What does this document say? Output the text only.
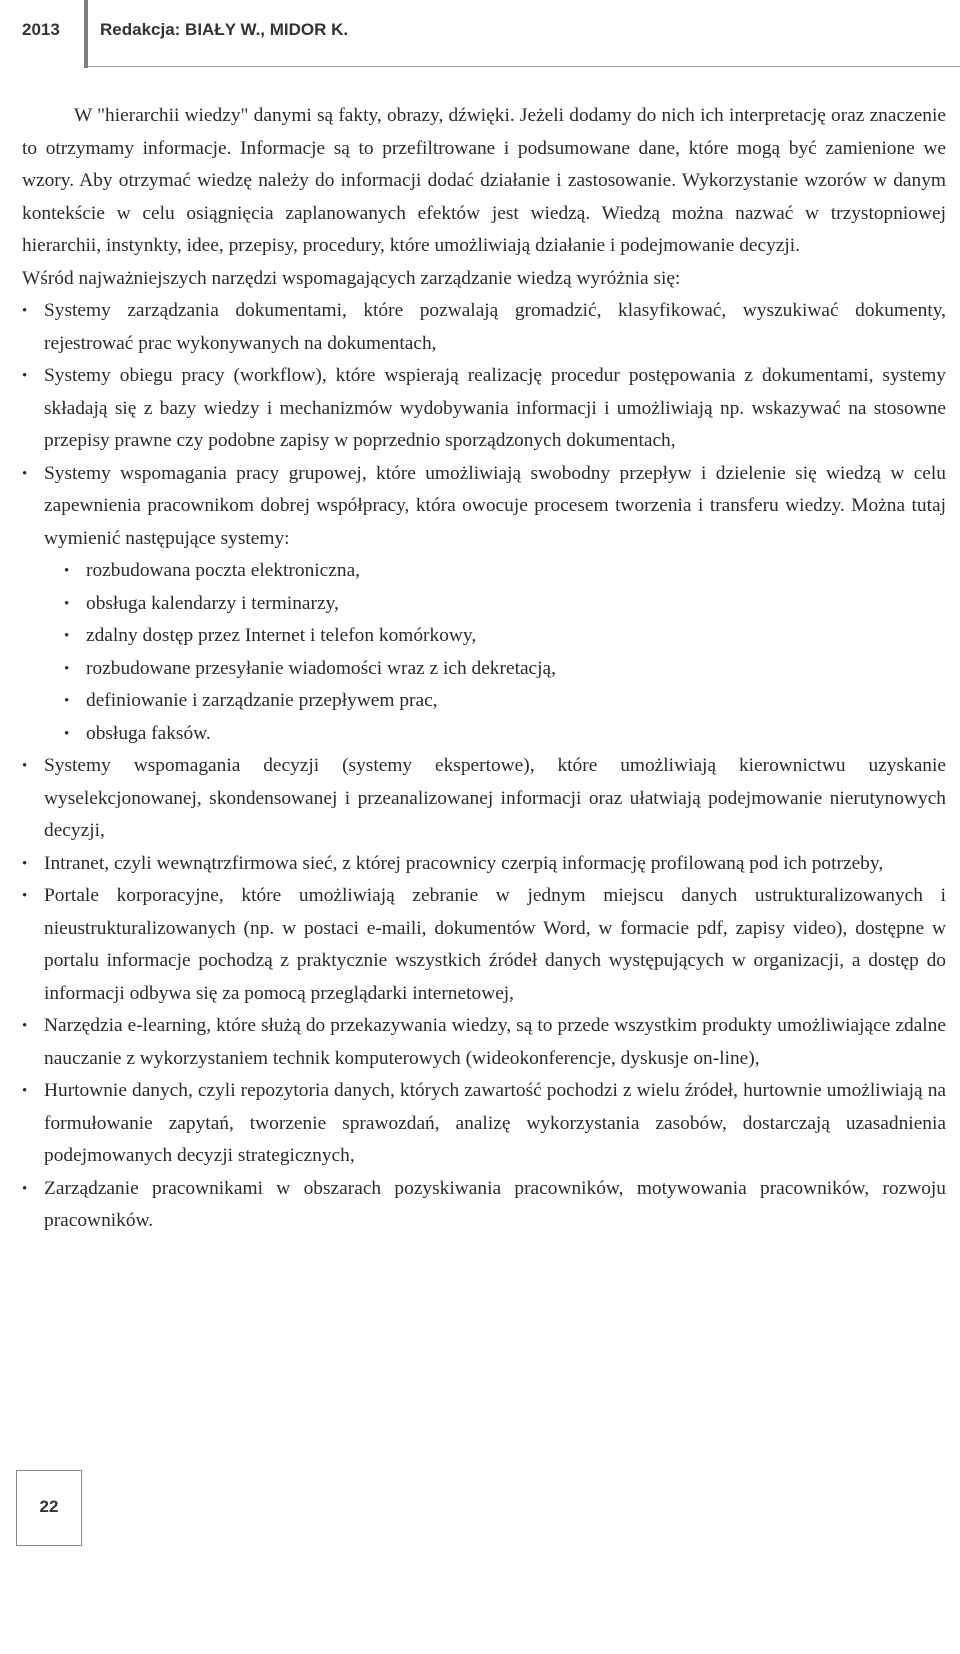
2013 Redakcja: BIAŁY W., MIDOR K.

W "hierarchii wiedzy" danymi są fakty, obrazy, dźwięki. Jeżeli dodamy do nich ich interpretację oraz znaczenie to otrzymamy informacje. Informacje są to przefiltrowane i podsumowane dane, które mogą być zamienione we wzory. Aby otrzymać wiedzę należy do informacji dodać działanie i zastosowanie. Wykorzystanie wzorów w danym kontekście w celu osiągnięcia zaplanowanych efektów jest wiedzą. Wiedzą można nazwać w trzystopniowej hierarchii, instynkty, idee, przepisy, procedury, które umożliwiają działanie i podejmowanie decyzji.

Wśród najważniejszych narzędzi wspomagających zarządzanie wiedzą wyróżnia się:

• Systemy zarządzania dokumentami, które pozwalają gromadzić, klasyfikować, wyszukiwać dokumenty, rejestrować prac wykonywanych na dokumentach,
• Systemy obiegu pracy (workflow), które wspierają realizację procedur postępowania z dokumentami, systemy składają się z bazy wiedzy i mechanizmów wydobywania informacji i umożliwiają np. wskazywać na stosowne przepisy prawne czy podobne zapisy w poprzednio sporządzonych dokumentach,
• Systemy wspomagania pracy grupowej, które umożliwiają swobodny przepływ i dzielenie się wiedzą w celu zapewnienia pracownikom dobrej współpracy, która owocuje procesem tworzenia i transferu wiedzy. Można tutaj wymienić następujące systemy:
• rozbudowana poczta elektroniczna,
• obsługa kalendarzy i terminarzy,
• zdalny dostęp przez Internet i telefon komórkowy,
• rozbudowane przesyłanie wiadomości wraz z ich dekretacją,
• definiowanie i zarządzanie przepływem prac,
• obsługa faksów.
• Systemy wspomagania decyzji (systemy ekspertowe), które umożliwiają kierownictwu uzyskanie wyselekcjonowanej, skondensowanej i przeanalizowanej informacji oraz ułatwiają podejmowanie nierutynowych decyzji,
• Intranet, czyli wewnątrzfirmowa sieć, z której pracownicy czerpią informację profilowaną pod ich potrzeby,
• Portale korporacyjne, które umożliwiają zebranie w jednym miejscu danych ustrukturalizowanych i nieustrukturalizowanych (np. w postaci e-maili, dokumentów Word, w formacie pdf, zapisy video), dostępne w portalu informacje pochodzą z praktycznie wszystkich źródeł danych występujących w organizacji, a dostęp do informacji odbywa się za pomocą przeglądarki internetowej,
• Narzędzia e-learning, które służą do przekazywania wiedzy, są to przede wszystkim produkty umożliwiające zdalne nauczanie z wykorzystaniem technik komputerowych (wideokonferencje, dyskusje on-line),
• Hurtownie danych, czyli repozytoria danych, których zawartość pochodzi z wielu źródeł, hurtownie umożliwiają na formułowanie zapytań, tworzenie sprawozdań, analizę wykorzystania zasobów, dostarczają uzasadnienia podejmowanych decyzji strategicznych,
• Zarządzanie pracownikami w obszarach pozyskiwania pracowników, motywowania pracowników, rozwoju pracowników.
22
